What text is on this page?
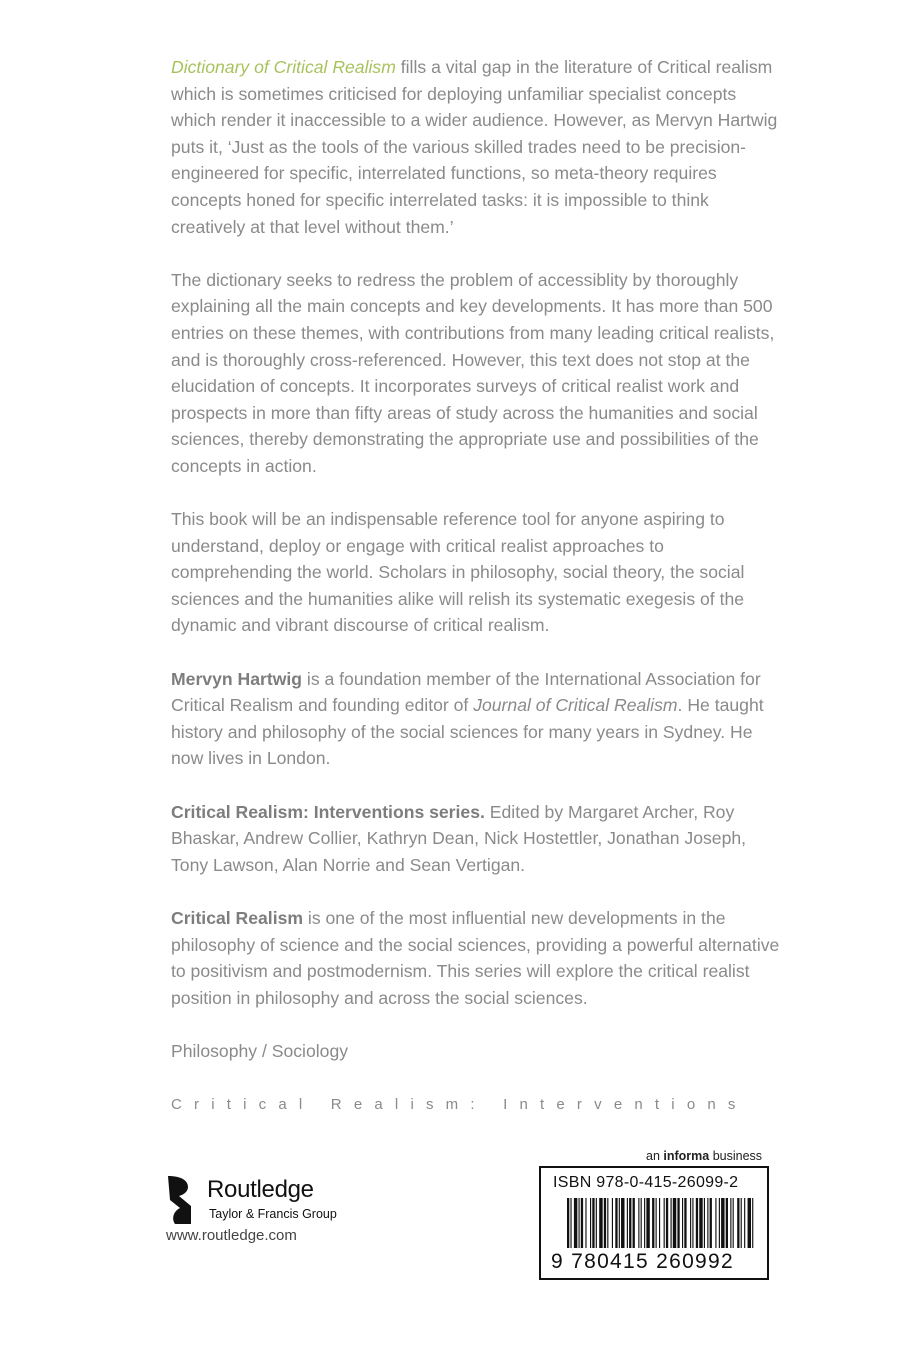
Dictionary of Critical Realism fills a vital gap in the literature of Critical realism which is sometimes criticised for deploying unfamiliar specialist concepts which render it inaccessible to a wider audience. However, as Mervyn Hartwig puts it, ‘Just as the tools of the various skilled trades need to be precision-engineered for specific, interrelated functions, so meta-theory requires concepts honed for specific interrelated tasks: it is impossible to think creatively at that level without them.’

The dictionary seeks to redress the problem of accessiblity by thoroughly explaining all the main concepts and key developments. It has more than 500 entries on these themes, with contributions from many leading critical realists, and is thoroughly cross-referenced. However, this text does not stop at the elucidation of concepts. It incorporates surveys of critical realist work and prospects in more than fifty areas of study across the humanities and social sciences, thereby demonstrating the appropriate use and possibilities of the concepts in action.

This book will be an indispensable reference tool for anyone aspiring to understand, deploy or engage with critical realist approaches to comprehending the world. Scholars in philosophy, social theory, the social sciences and the humanities alike will relish its systematic exegesis of the dynamic and vibrant discourse of critical realism.

Mervyn Hartwig is a foundation member of the International Association for Critical Realism and founding editor of Journal of Critical Realism. He taught history and philosophy of the social sciences for many years in Sydney. He now lives in London.

Critical Realism: Interventions series. Edited by Margaret Archer, Roy Bhaskar, Andrew Collier, Kathryn Dean, Nick Hostettler, Jonathan Joseph, Tony Lawson, Alan Norrie and Sean Vertigan.

Critical Realism is one of the most influential new developments in the philosophy of science and the social sciences, providing a powerful alternative to positivism and postmodernism. This series will explore the critical realist position in philosophy and across the social sciences.

Philosophy / Sociology

Critical Realism: Interventions
ROUTLEDGE
Routledge
Taylor & Francis Group
www.routledge.com
an informa business
ISBN 978-0-415-26099-2
9 780415 260992
